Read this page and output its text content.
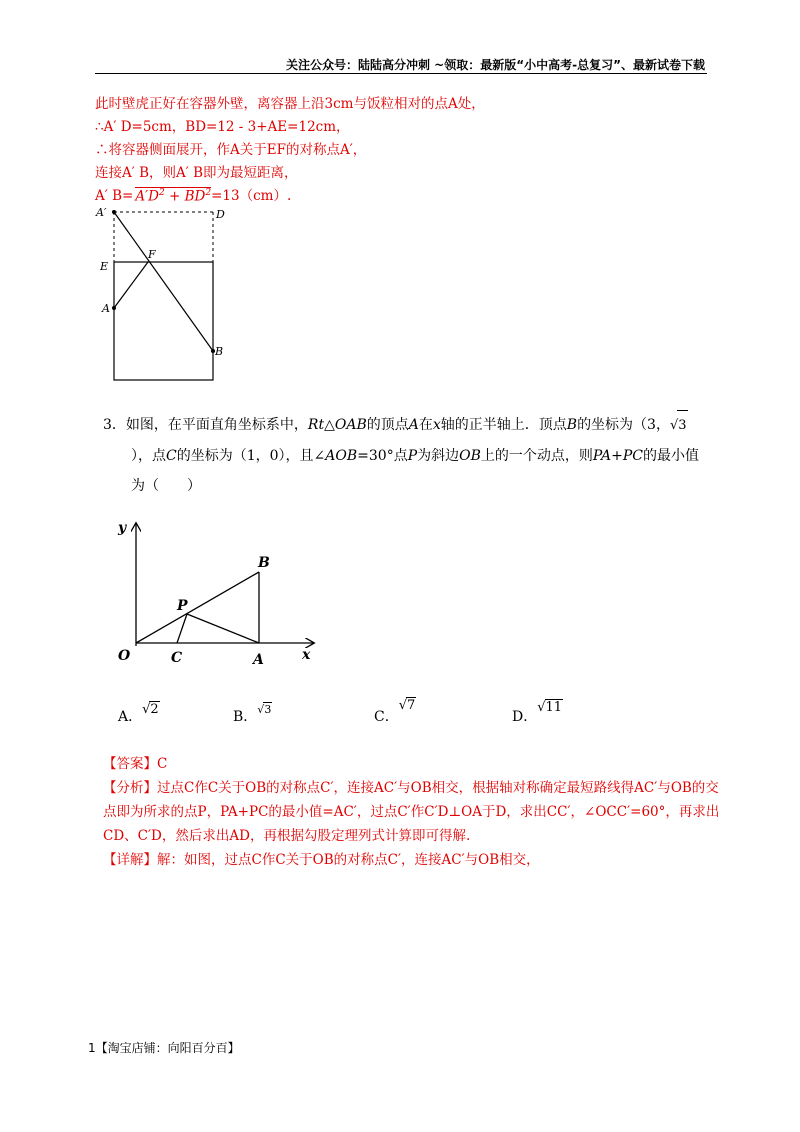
关注公众号：陆陆高分冲刺 ~领取：最新版“小中高考-总复习”、最新试卷下载
此时壁虎正好在容器外壁，离容器上沿3cm与饭粒相对的点A处，
∴A′ D=5cm，BD=12 - 3+AE=12cm，
∴将容器侧面展开，作A关于EF的对称点A′，
连接A′ B，则A′ B即为最短距离，
A′ $B= A'D^2 + BD^2=13(cm)$.
A′	D
E
F
A
B
3．如图，在平面直角坐标系中，Rt△OAB的顶点A在x轴的正半轴上．顶点B的坐标为（3，√3
），点C的坐标为（1，0），且∠AOB=30°点P为斜边OB上的一个动点，则PA+PC的最小值
为（　　）
y
x
O	C	A
B
P
A．√2	B．√3	C．√7
D．√11
【答案】C
【分析】过点C作C关于OB的对称点C′，连接AC′与OB相交，根据轴对称确定最短路线得AC′与OB的交点即为所求的点P，PA+PC的最小值=AC′，过点C′作C′D⊥OA于D，求出CC′，∠OCC′=60°，再求出CD、C′D，然后求出AD，再根据勾股定理列式计算即可得解.
【详解】解：如图，过点C作C关于OB的对称点C′，连接AC′与OB相交，
1【淘宝店铺：向阳百分百】
